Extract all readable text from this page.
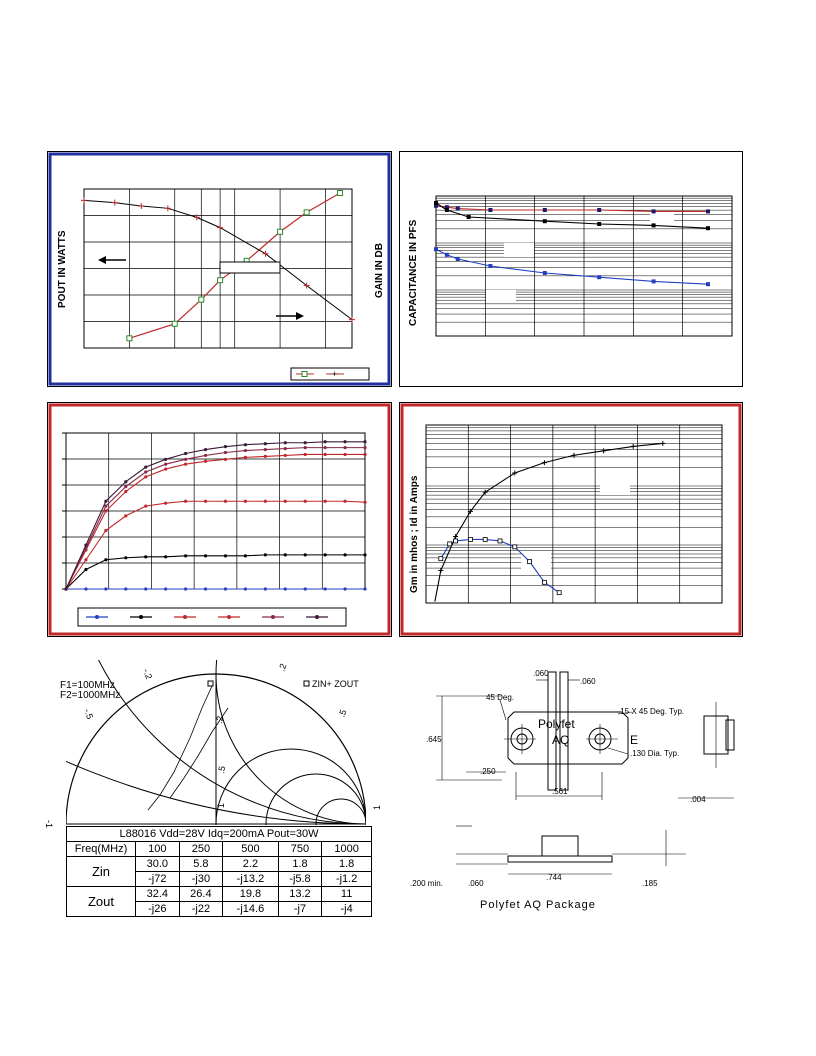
POUT IN WATTS	GAIN IN DB
+
CAPACITANCE IN PFS
Gm in mhos ; Id in Amps
F1=100MHz
F2=1000MHz
ZIN+ ZOUT
-.2
-.5
-1
.2
.5
1
.2
.5
1
L88016 Vdd=28V Idq=200mA Pout=30W					
Freq(MHz)	100	250	500	750	1000
Zin	30.0	5.8	2.2	1.8	1.8
	-j72	-j30	-j13.2	-j5.8	-j1.2
Zout	32.4	26.4	19.8	13.2	11
	-j26	-j22	-j14.6	-j7	-j4
.060
.060
45 Deg.
Polyfet
AQ	E
.15 X 45 Deg. Typ.
.645
.250
.130 Dia. Typ.
.561
.004
.200 min.	.060
.744
.185
Polyfet AQ Package
